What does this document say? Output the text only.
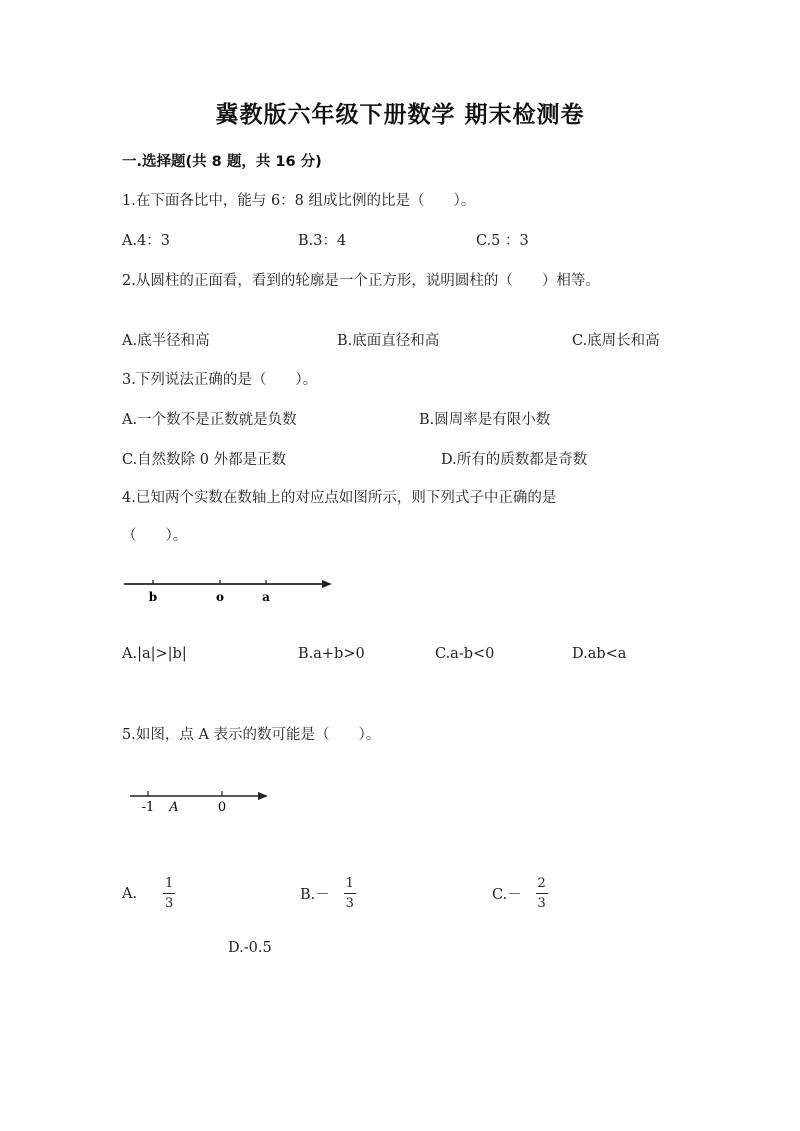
冀教版六年级下册数学 期末检测卷
一.选择题(共 8 题，共 16 分)
1.在下面各比中，能与 6：8 组成比例的比是（　　）。
A.4：3	B.3：4	C.5 ：3
2.从圆柱的正面看，看到的轮廓是一个正方形，说明圆柱的（　　）相等。
A.底半径和高	B.底面直径和高	C.底周长和高
3.下列说法正确的是（　　）。
A.一个数不是正数就是负数	B.圆周率是有限小数
C.自然数除 0 外都是正数	D.所有的质数都是奇数
4.已知两个实数在数轴上的对应点如图所示，则下列式子中正确的是
（　　）。
b	o	a
A.|a|>|b|	B.a+b>0	C.a-b<0	D.ab<a
5.如图，点 A 表示的数可能是（　　）。
-1 A	0
A. $\frac{1}{3}$	$B.- \frac{1}{3}$	$C.- \frac{2}{3}$
D.-0.5
